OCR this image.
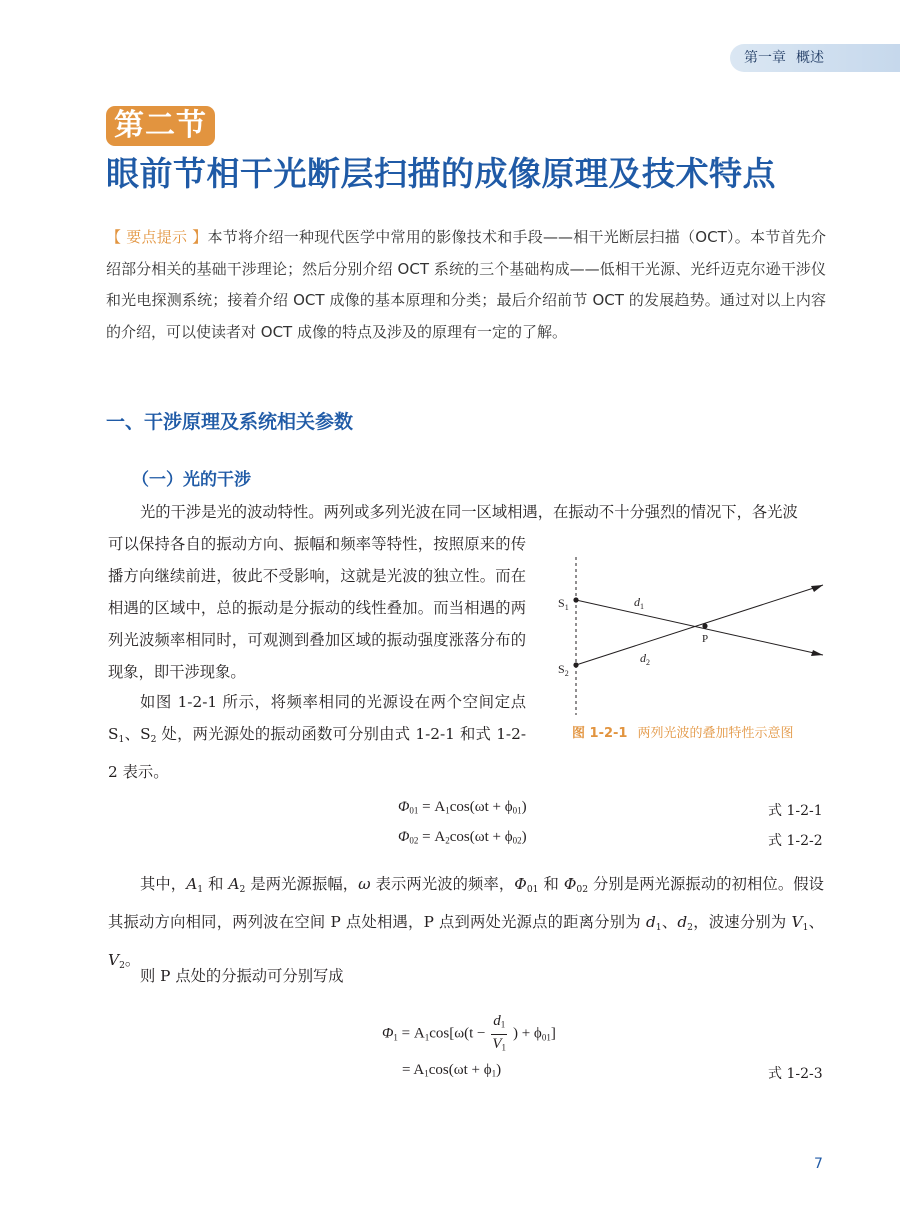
第一章 概述
第二节
眼前节相干光断层扫描的成像原理及技术特点

【 要点提示 】本节将介绍一种现代医学中常用的影像技术和手段——相干光断层扫描（OCT）。本节首先介绍部分相关的基础干涉理论；然后分别介绍 OCT 系统的三个基础构成——低相干光源、光纤迈克尔逊干涉仪和光电探测系统；接着介绍 OCT 成像的基本原理和分类；最后介绍前节 OCT 的发展趋势。通过对以上内容的介绍，可以使读者对 OCT 成像的特点及涉及的原理有一定的了解。

一、干涉原理及系统相关参数
（一）光的干涉

光的干涉是光的波动特性。两列或多列光波在同一区域相遇，在振动不十分强烈的情况下，各光波

可以保持各自的振动方向、振幅和频率等特性，按照原来的传播方向继续前进，彼此不受影响，这就是光波的独立性。而在相遇的区域中，总的振动是分振动的线性叠加。而当相遇的两列光波频率相同时，可观测到叠加区域的振动强度涨落分布的现象，即干涉现象。

如图 1-2-1 所示，将频率相同的光源设在两个空间定点 $S_1$、$S_2$ 处，两光源处的振动函数可分别由式 1-2-1 和式 1-2-2 表示。

$S_1$
$S_2$
$d_1$
$d_2$
P

图 1-2-1 两列光波的叠加特性示意图

$\Phi_{01} = A_1\cos(\omega t + \phi_{01})$	式 1-2-1
$\Phi_{02} = A_2\cos(\omega t + \phi_{02})$	式 1-2-2

其中，$A_1$ 和 $A_2$ 是两光源振幅，ω 表示两光波的频率，$\Phi_{01}$ 和 $\Phi_{02}$ 分别是两光源振动的初相位。假设其振动方向相同，两列波在空间 P 点处相遇，P 点到两处光源点的距离分别为 $d_1$、$d_2$，波速分别为 $V_1$、$V_2$。

则 P 点处的分振动可分别写成

$\Phi_1 = A_1\cos[\omega(t - \frac{d_1}{V_1}$ ) + $\phi_{01}$]
= $A_1\cos(\omega t + \phi_1)$	式 1-2-3
7
